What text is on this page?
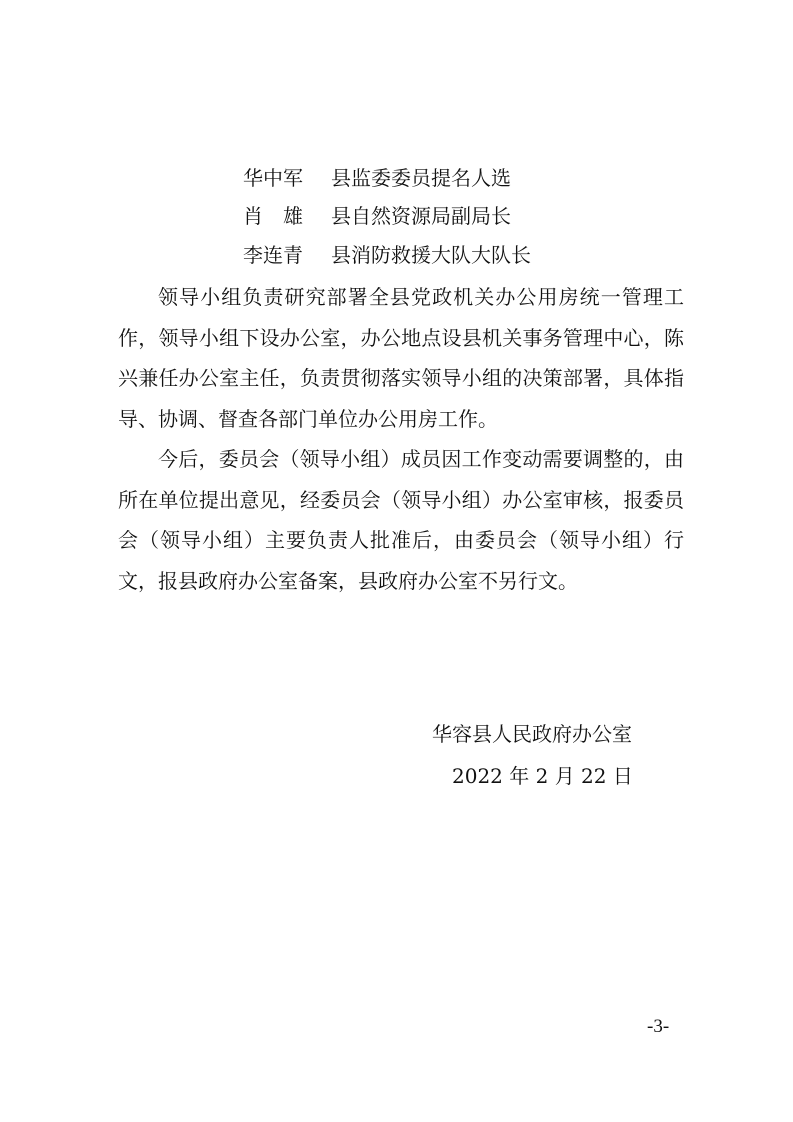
华中军 县监委委员提名人选
肖　雄 县自然资源局副局长
李连青 县消防救援大队大队长

领导小组负责研究部署全县党政机关办公用房统一管理工作，领导小组下设办公室，办公地点设县机关事务管理中心，陈兴兼任办公室主任，负责贯彻落实领导小组的决策部署，具体指导、协调、督查各部门单位办公用房工作。

今后，委员会（领导小组）成员因工作变动需要调整的，由所在单位提出意见，经委员会（领导小组）办公室审核，报委员会（领导小组）主要负责人批准后，由委员会（领导小组）行文，报县政府办公室备案，县政府办公室不另行文。

华容县人民政府办公室
2022 年 2 月 22 日
-3-
